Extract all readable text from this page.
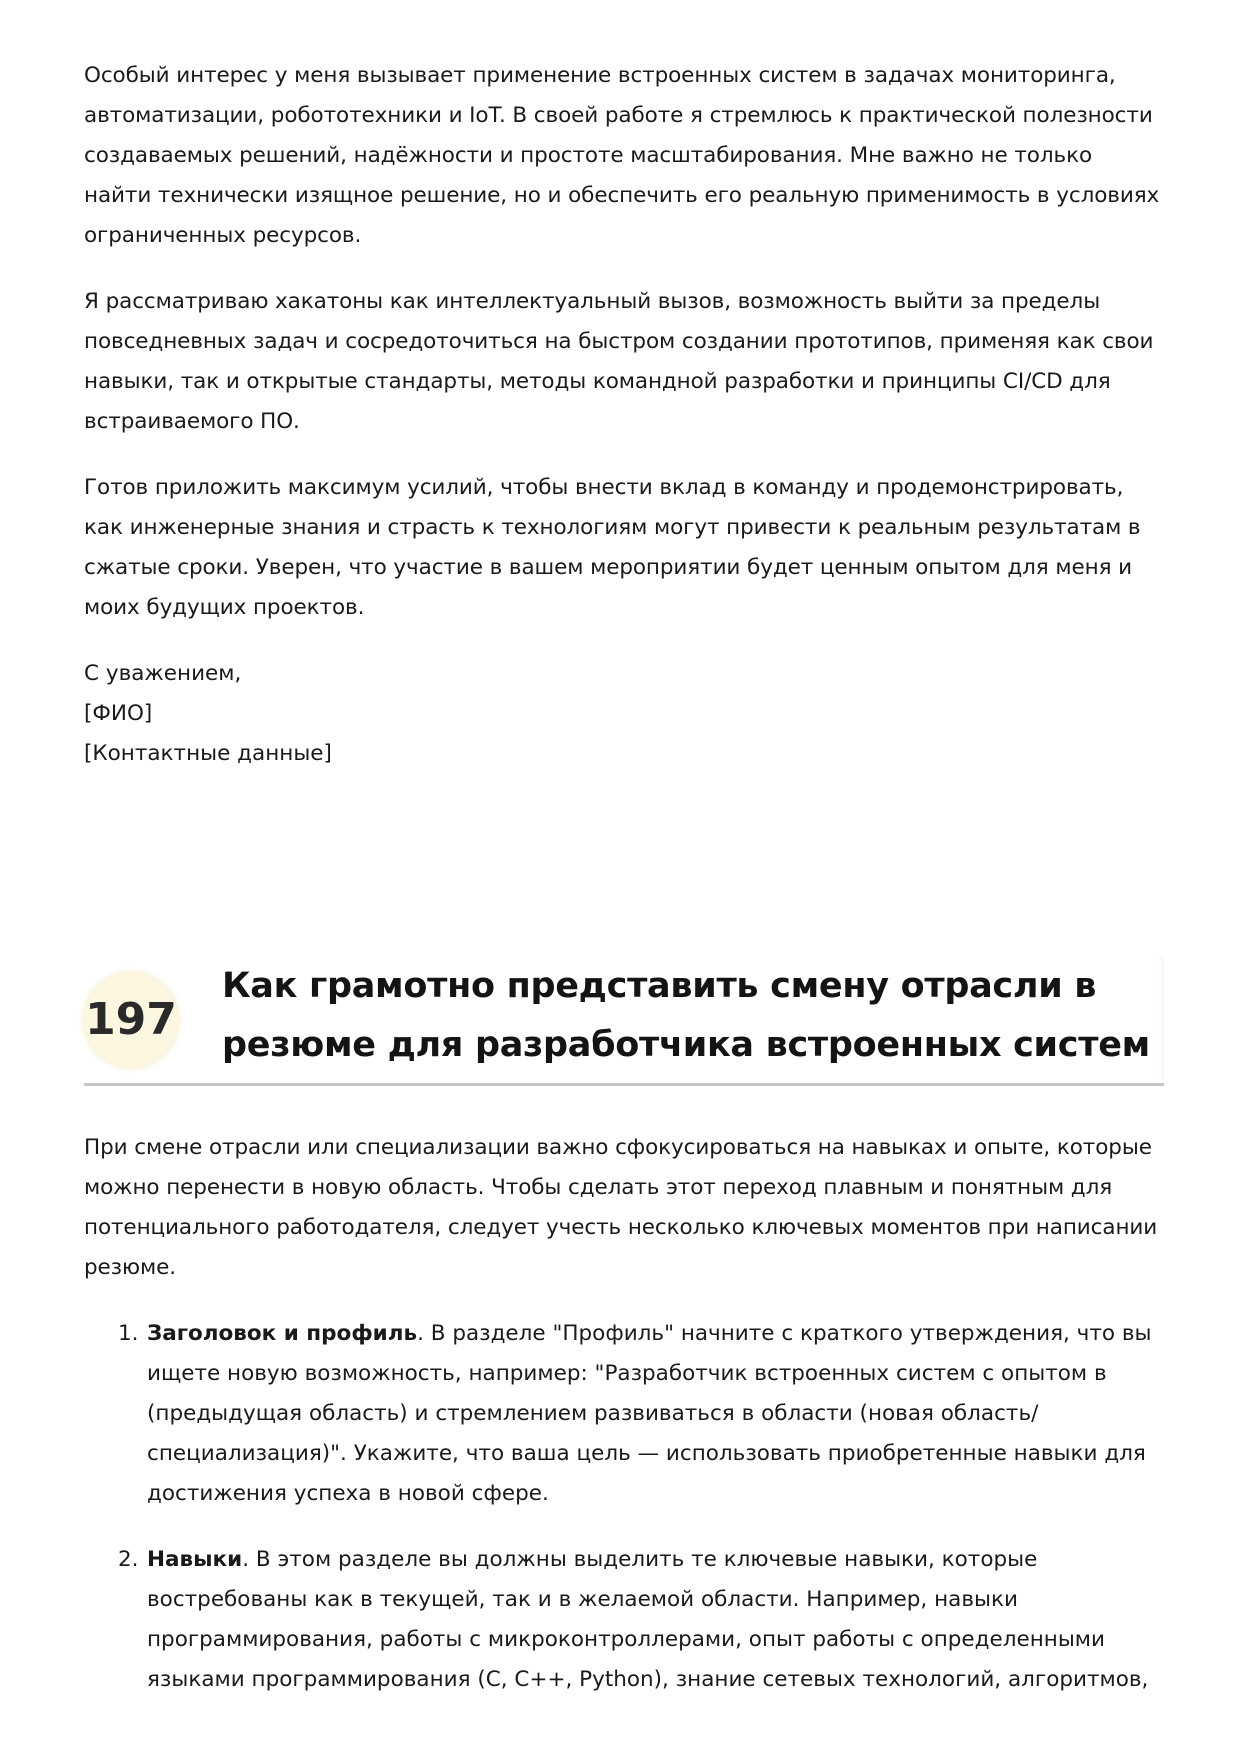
Особый интерес у меня вызывает применение встроенных систем в задачах мониторинга, автоматизации, робототехники и IoT. В своей работе я стремлюсь к практической полезности создаваемых решений, надёжности и простоте масштабирования. Мне важно не только найти технически изящное решение, но и обеспечить его реальную применимость в условиях ограниченных ресурсов.

Я рассматриваю хакатоны как интеллектуальный вызов, возможность выйти за пределы повседневных задач и сосредоточиться на быстром создании прототипов, применяя как свои навыки, так и открытые стандарты, методы командной разработки и принципы CI/CD для встраиваемого ПО.

Готов приложить максимум усилий, чтобы внести вклад в команду и продемонстрировать, как инженерные знания и страсть к технологиям могут привести к реальным результатам в сжатые сроки. Уверен, что участие в вашем мероприятии будет ценным опытом для меня и моих будущих проектов.

С уважением,
[ФИО]
[Контактные данные]
197
Как грамотно представить смену отрасли в резюме для разработчика встроенных систем

При смене отрасли или специализации важно сфокусироваться на навыках и опыте, которые можно перенести в новую область. Чтобы сделать этот переход плавным и понятным для потенциального работодателя, следует учесть несколько ключевых моментов при написании резюме.

1. Заголовок и профиль. В разделе "Профиль" начните с краткого утверждения, что вы ищете новую возможность, например: "Разработчик встроенных систем с опытом в (предыдущая область) и стремлением развиваться в области (новая область/специализация)". Укажите, что ваша цель — использовать приобретенные навыки для достижения успеха в новой сфере.
2. Навыки. В этом разделе вы должны выделить те ключевые навыки, которые востребованы как в текущей, так и в желаемой области. Например, навыки программирования, работы с микроконтроллерами, опыт работы с определенными языками программирования (C, C++, Python), знание сетевых технологий, алгоритмов,
